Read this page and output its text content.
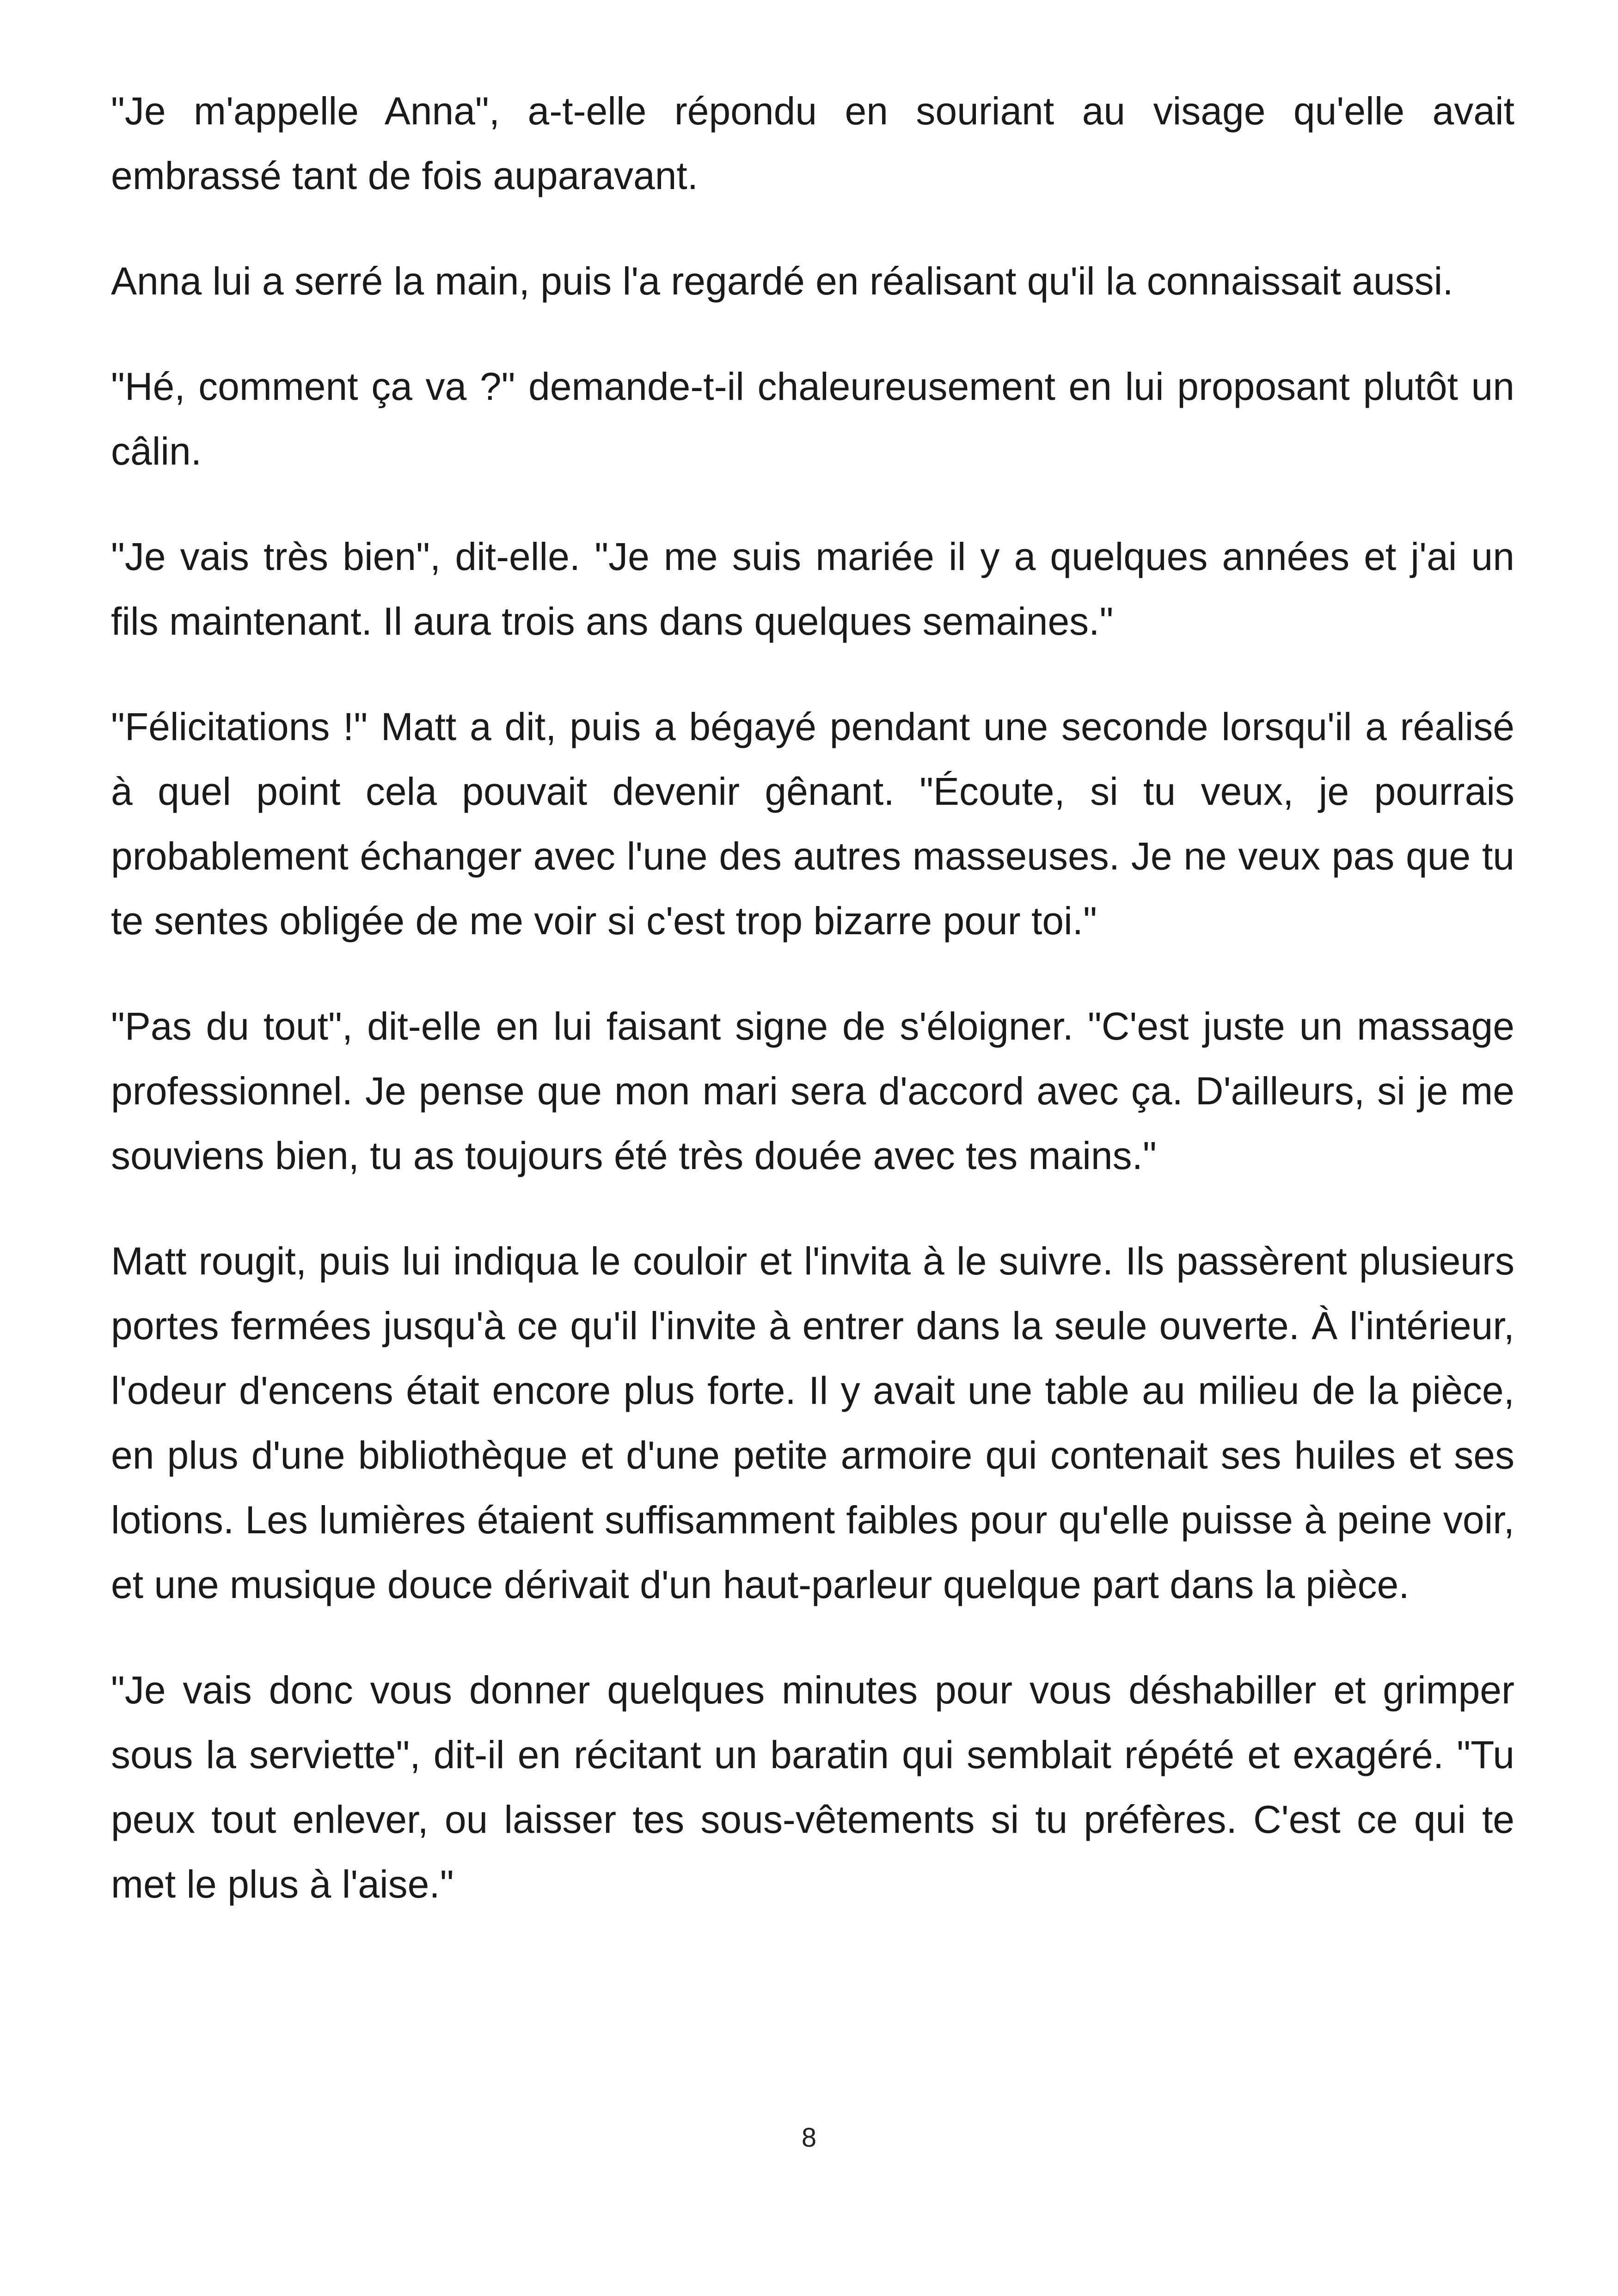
"Je m'appelle Anna", a-t-elle répondu en souriant au visage qu'elle avait embrassé tant de fois auparavant.

Anna lui a serré la main, puis l'a regardé en réalisant qu'il la connaissait aussi.

"Hé, comment ça va ?" demande-t-il chaleureusement en lui proposant plutôt un câlin.

"Je vais très bien", dit-elle. "Je me suis mariée il y a quelques années et j'ai un fils maintenant. Il aura trois ans dans quelques semaines."

"Félicitations !" Matt a dit, puis a bégayé pendant une seconde lorsqu'il a réalisé à quel point cela pouvait devenir gênant. "Écoute, si tu veux, je pourrais probablement échanger avec l'une des autres masseuses. Je ne veux pas que tu te sentes obligée de me voir si c'est trop bizarre pour toi."

"Pas du tout", dit-elle en lui faisant signe de s'éloigner. "C'est juste un massage professionnel. Je pense que mon mari sera d'accord avec ça. D'ailleurs, si je me souviens bien, tu as toujours été très douée avec tes mains."

Matt rougit, puis lui indiqua le couloir et l'invita à le suivre. Ils passèrent plusieurs portes fermées jusqu'à ce qu'il l'invite à entrer dans la seule ouverte. À l'intérieur, l'odeur d'encens était encore plus forte. Il y avait une table au milieu de la pièce, en plus d'une bibliothèque et d'une petite armoire qui contenait ses huiles et ses lotions. Les lumières étaient suffisamment faibles pour qu'elle puisse à peine voir, et une musique douce dérivait d'un haut-parleur quelque part dans la pièce.

"Je vais donc vous donner quelques minutes pour vous déshabiller et grimper sous la serviette", dit-il en récitant un baratin qui semblait répété et exagéré. "Tu peux tout enlever, ou laisser tes sous-vêtements si tu préfères. C'est ce qui te met le plus à l'aise."

8
